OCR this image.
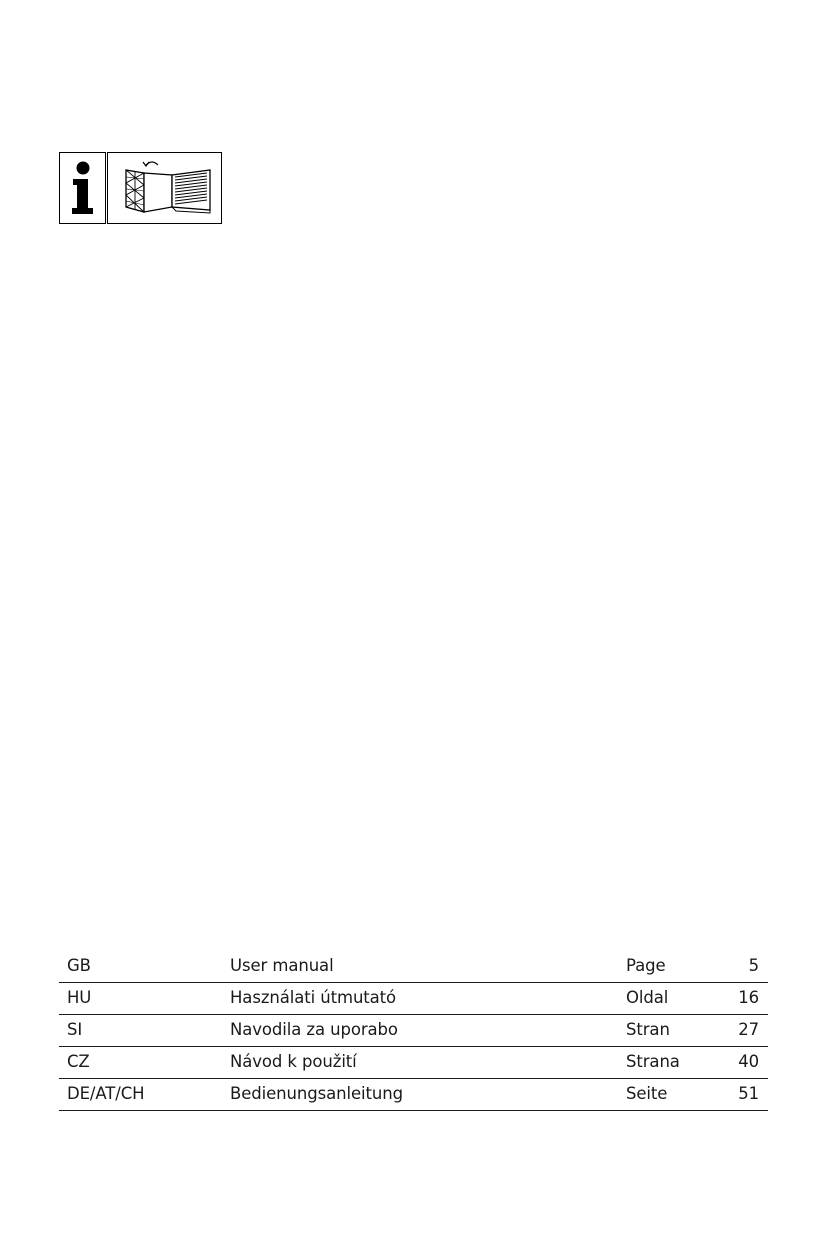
GB	User manual	Page	5
HU	Használati útmutató	Oldal	16
SI	Navodila za uporabo	Stran	27
CZ	Návod k použití	Strana	40
DE/AT/CH	Bedienungsanleitung	Seite	51
